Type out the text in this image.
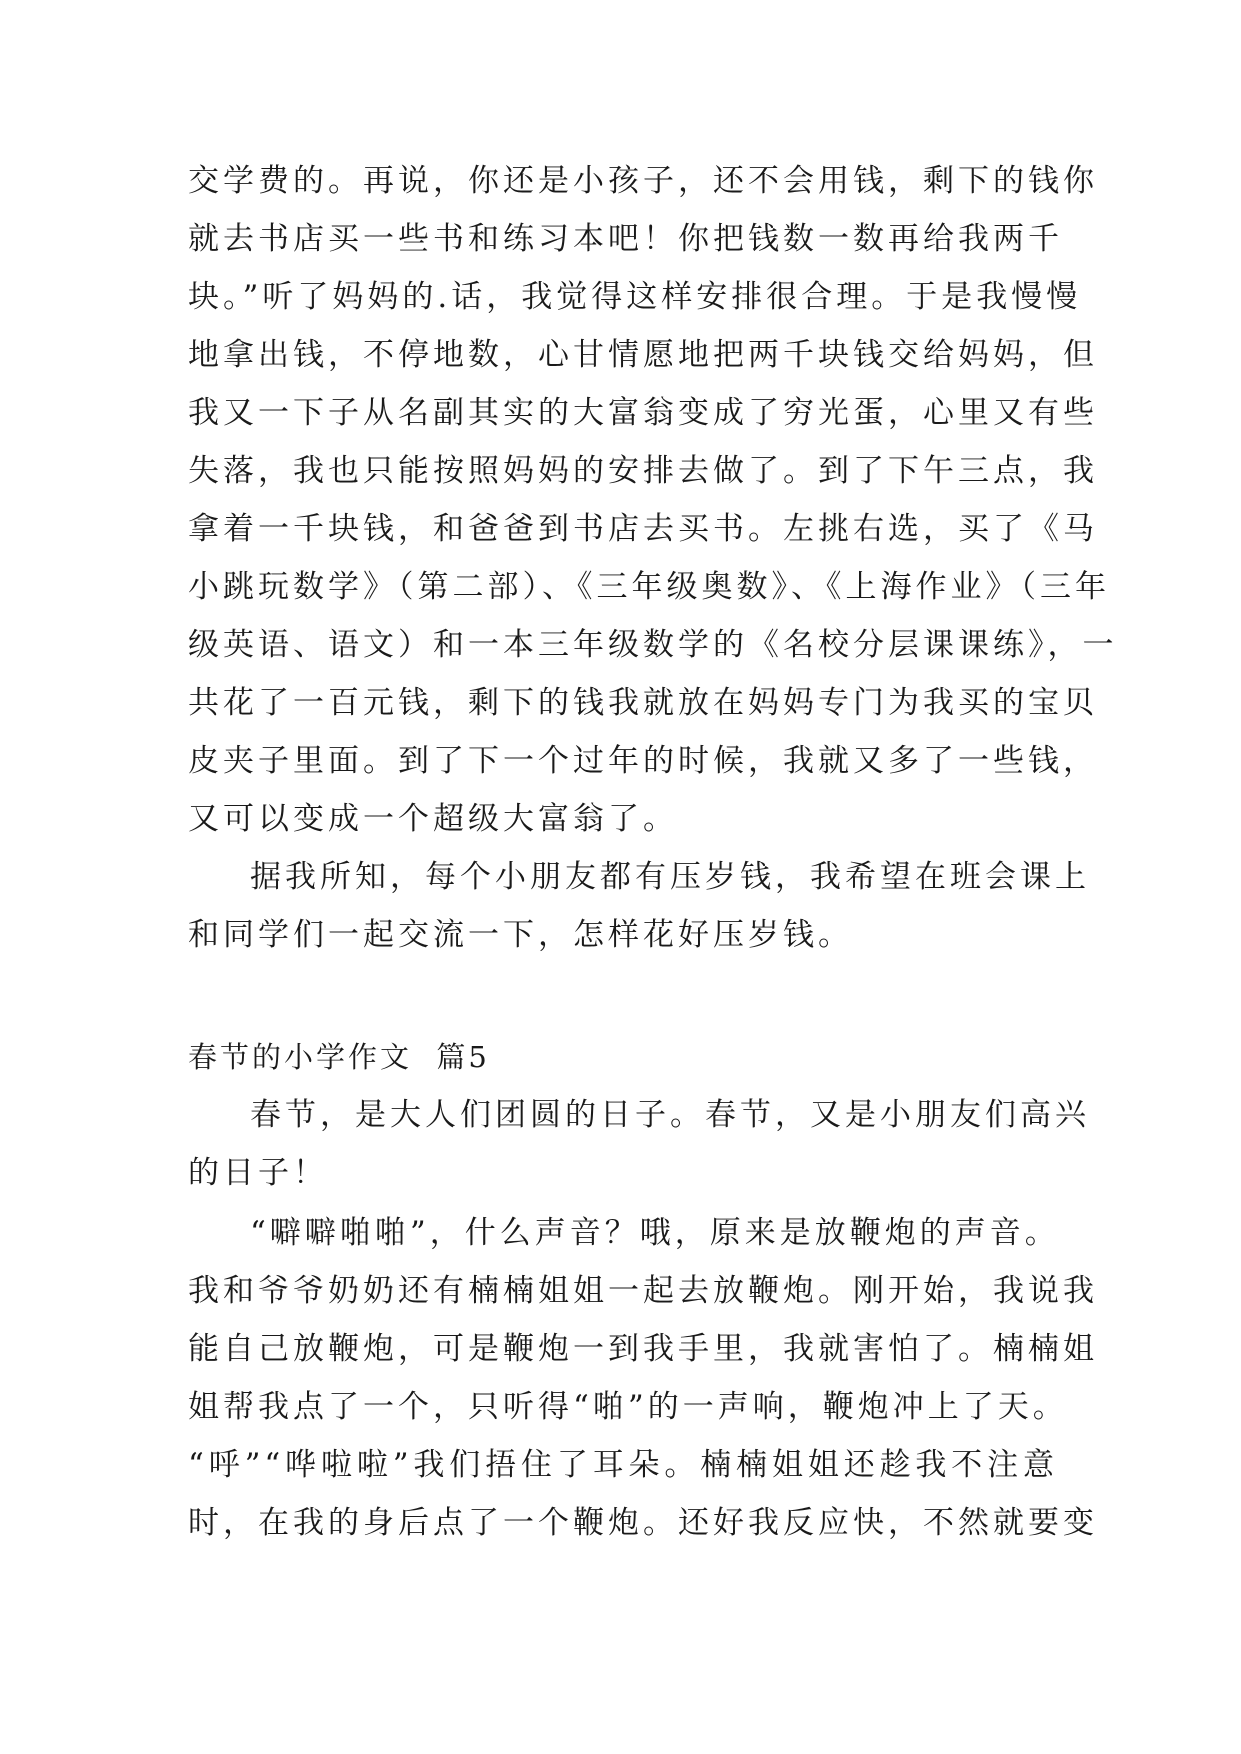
交学费的。再说，你还是小孩子，还不会用钱，剩下的钱你
就去书店买一些书和练习本吧！你把钱数一数再给我两千
块。”听了妈妈的.话，我觉得这样安排很合理。于是我慢慢
地拿出钱，不停地数，心甘情愿地把两千块钱交给妈妈，但
我又一下子从名副其实的大富翁变成了穷光蛋，心里又有些
失落，我也只能按照妈妈的安排去做了。到了下午三点，我
拿着一千块钱，和爸爸到书店去买书。左挑右选，买了《马
小跳玩数学》（第二部）、《三年级奥数》、《上海作业》（三年
级英语、语文）和一本三年级数学的《名校分层课课练》，一
共花了一百元钱，剩下的钱我就放在妈妈专门为我买的宝贝
皮夹子里面。到了下一个过年的时候，我就又多了一些钱，
又可以变成一个超级大富翁了。
据我所知，每个小朋友都有压岁钱，我希望在班会课上
和同学们一起交流一下，怎样花好压岁钱。
春节的小学作文  篇5
春节，是大人们团圆的日子。春节，又是小朋友们高兴
的日子！
“噼噼啪啪”，什么声音？哦，原来是放鞭炮的声音。
我和爷爷奶奶还有楠楠姐姐一起去放鞭炮。刚开始，我说我
能自己放鞭炮，可是鞭炮一到我手里，我就害怕了。楠楠姐
姐帮我点了一个，只听得“啪”的一声响，鞭炮冲上了天。
“呼”“哗啦啦”我们捂住了耳朵。楠楠姐姐还趁我不注意
时，在我的身后点了一个鞭炮。还好我反应快，不然就要变
